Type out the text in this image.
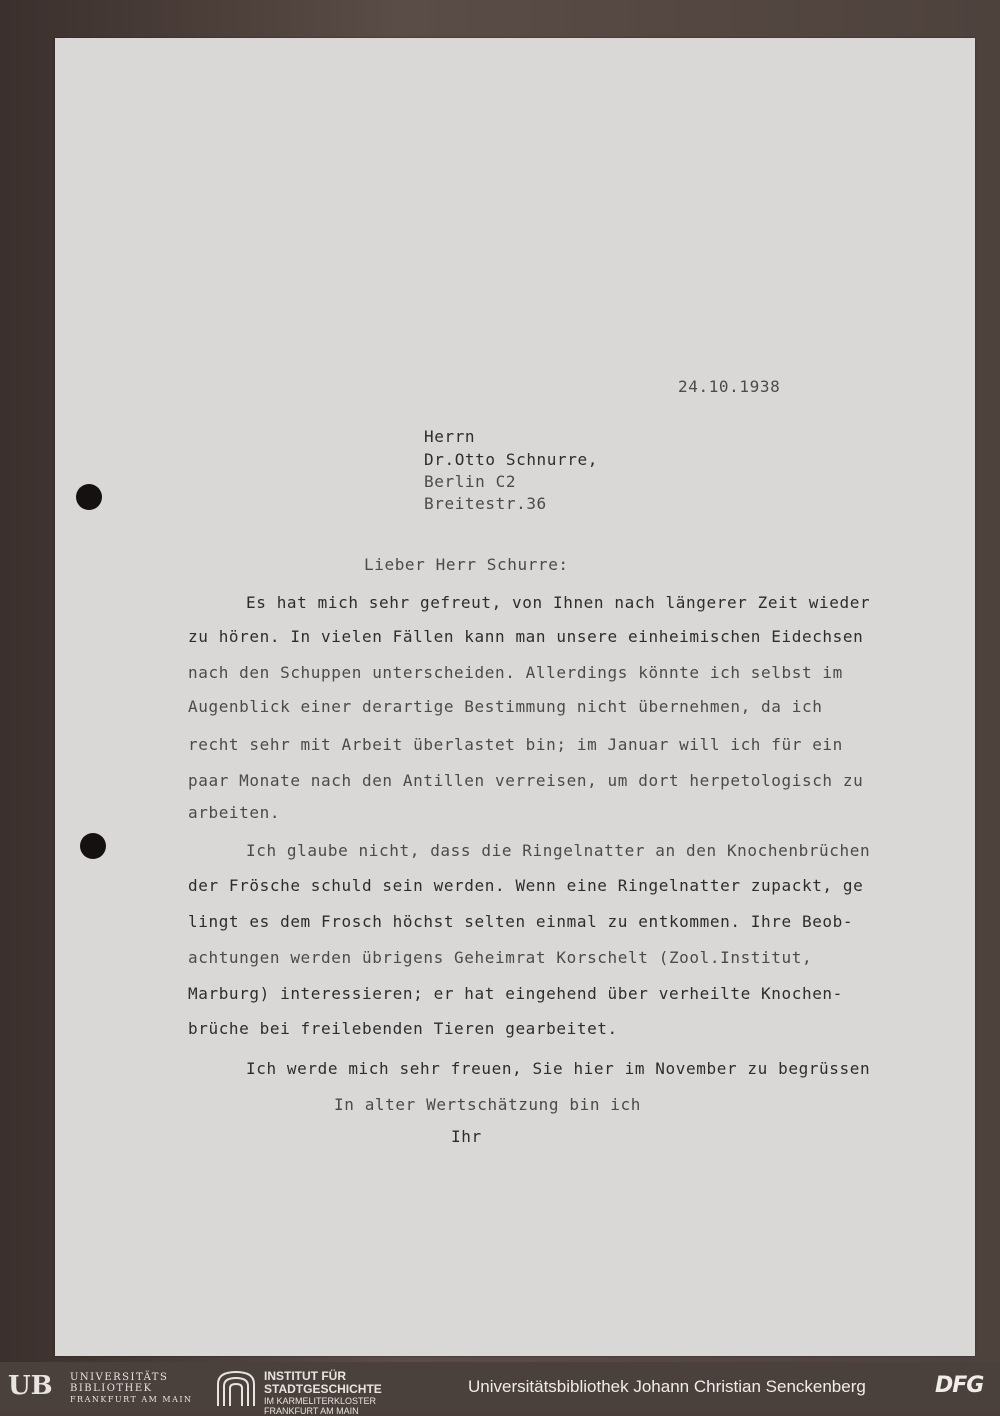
24.10.1938
Herrn
Dr.Otto Schnurre,
Berlin C2
Breitestr.36
Lieber Herr Schurre:
Es hat mich sehr gefreut, von Ihnen nach längerer Zeit wieder
zu hören. In vielen Fällen kann man unsere einheimischen Eidechsen
nach den Schuppen unterscheiden. Allerdings könnte ich selbst im
Augenblick einer derartige Bestimmung nicht übernehmen, da ich
recht sehr mit Arbeit überlastet bin; im Januar will ich für ein
paar Monate nach den Antillen verreisen, um dort herpetologisch zu
arbeiten.
Ich glaube nicht, dass die Ringelnatter an den Knochenbrüchen
der Frösche schuld sein werden. Wenn eine Ringelnatter zupackt, ge
lingt es dem Frosch höchst selten einmal zu entkommen. Ihre Beob-
achtungen werden übrigens Geheimrat Korschelt (Zool.Institut,
Marburg) interessieren; er hat eingehend über verheilte Knochen-
brüche bei freilebenden Tieren gearbeitet.
Ich werde mich sehr freuen, Sie hier im November zu begrüssen
In alter Wertschätzung bin ich
Ihr
UB	UNIVERSITÄTS
BIBLIOTHEK
FRANKFURT AM MAIN
INSTITUT FÜR
STADTGESCHICHTE
IM KARMELITERKLOSTER
FRANKFURT AM MAIN
Universitätsbibliothek Johann Christian Senckenberg	DFG
